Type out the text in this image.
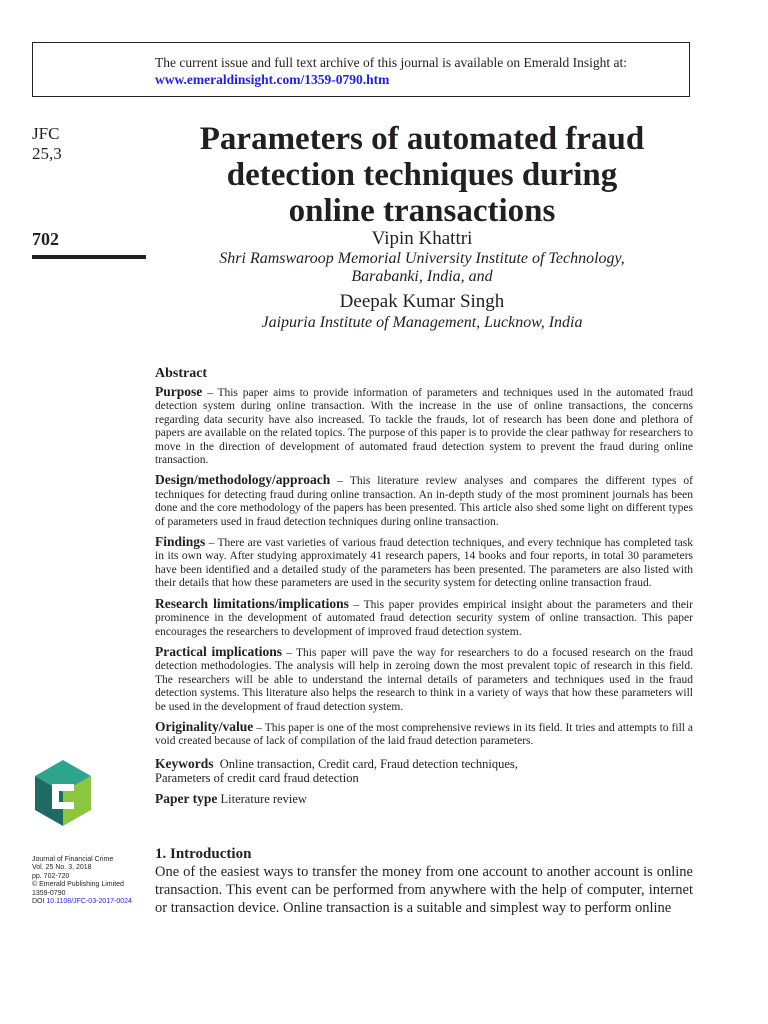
The current issue and full text archive of this journal is available on Emerald Insight at:
www.emeraldinsight.com/1359-0790.htm
JFC
25,3
702
Parameters of automated fraud
detection techniques during
online transactions
Vipin Khattri
Shri Ramswaroop Memorial University Institute of Technology,
Barabanki, India, and
Deepak Kumar Singh
Jaipuria Institute of Management, Lucknow, India
Abstract

Purpose – This paper aims to provide information of parameters and techniques used in the automated fraud detection system during online transaction. With the increase in the use of online transactions, the concerns regarding data security have also increased. To tackle the frauds, lot of research has been done and plethora of papers are available on the related topics. The purpose of this paper is to provide the clear pathway for researchers to move in the direction of development of automated fraud detection system to prevent the fraud during online transaction.

Design/methodology/approach – This literature review analyses and compares the different types of techniques for detecting fraud during online transaction. An in-depth study of the most prominent journals has been done and the core methodology of the papers has been presented. This article also shed some light on different types of parameters used in fraud detection techniques during online transaction.

Findings – There are vast varieties of various fraud detection techniques, and every technique has completed task in its own way. After studying approximately 41 research papers, 14 books and four reports, in total 30 parameters have been identified and a detailed study of the parameters has been presented. The parameters are also listed with their details that how these parameters are used in the security system for detecting online transaction fraud.

Research limitations/implications – This paper provides empirical insight about the parameters and their prominence in the development of automated fraud detection security system of online transaction. This paper encourages the researchers to development of improved fraud detection system.

Practical implications – This paper will pave the way for researchers to do a focused research on the fraud detection methodologies. The analysis will help in zeroing down the most prevalent topic of research in this field. The researchers will be able to understand the internal details of parameters and techniques used in the fraud detection systems. This literature also helps the research to think in a variety of ways that how these parameters will be used in the development of fraud detection system.

Originality/value – This paper is one of the most comprehensive reviews in its field. It tries and attempts to fill a void created because of lack of compilation of the laid fraud detection parameters.

Keywords Online transaction, Credit card, Fraud detection techniques,

Parameters of credit card fraud detection

Paper type Literature review

Journal of Financial Crime
Vol. 25 No. 3, 2018
pp. 702-720
© Emerald Publishing Limited
1359-0790
DOI 10.1108/JFC-03-2017-0024
1. Introduction

One of the easiest ways to transfer the money from one account to another account is online transaction. This event can be performed from anywhere with the help of computer, internet or transaction device. Online transaction is a suitable and simplest way to perform online
